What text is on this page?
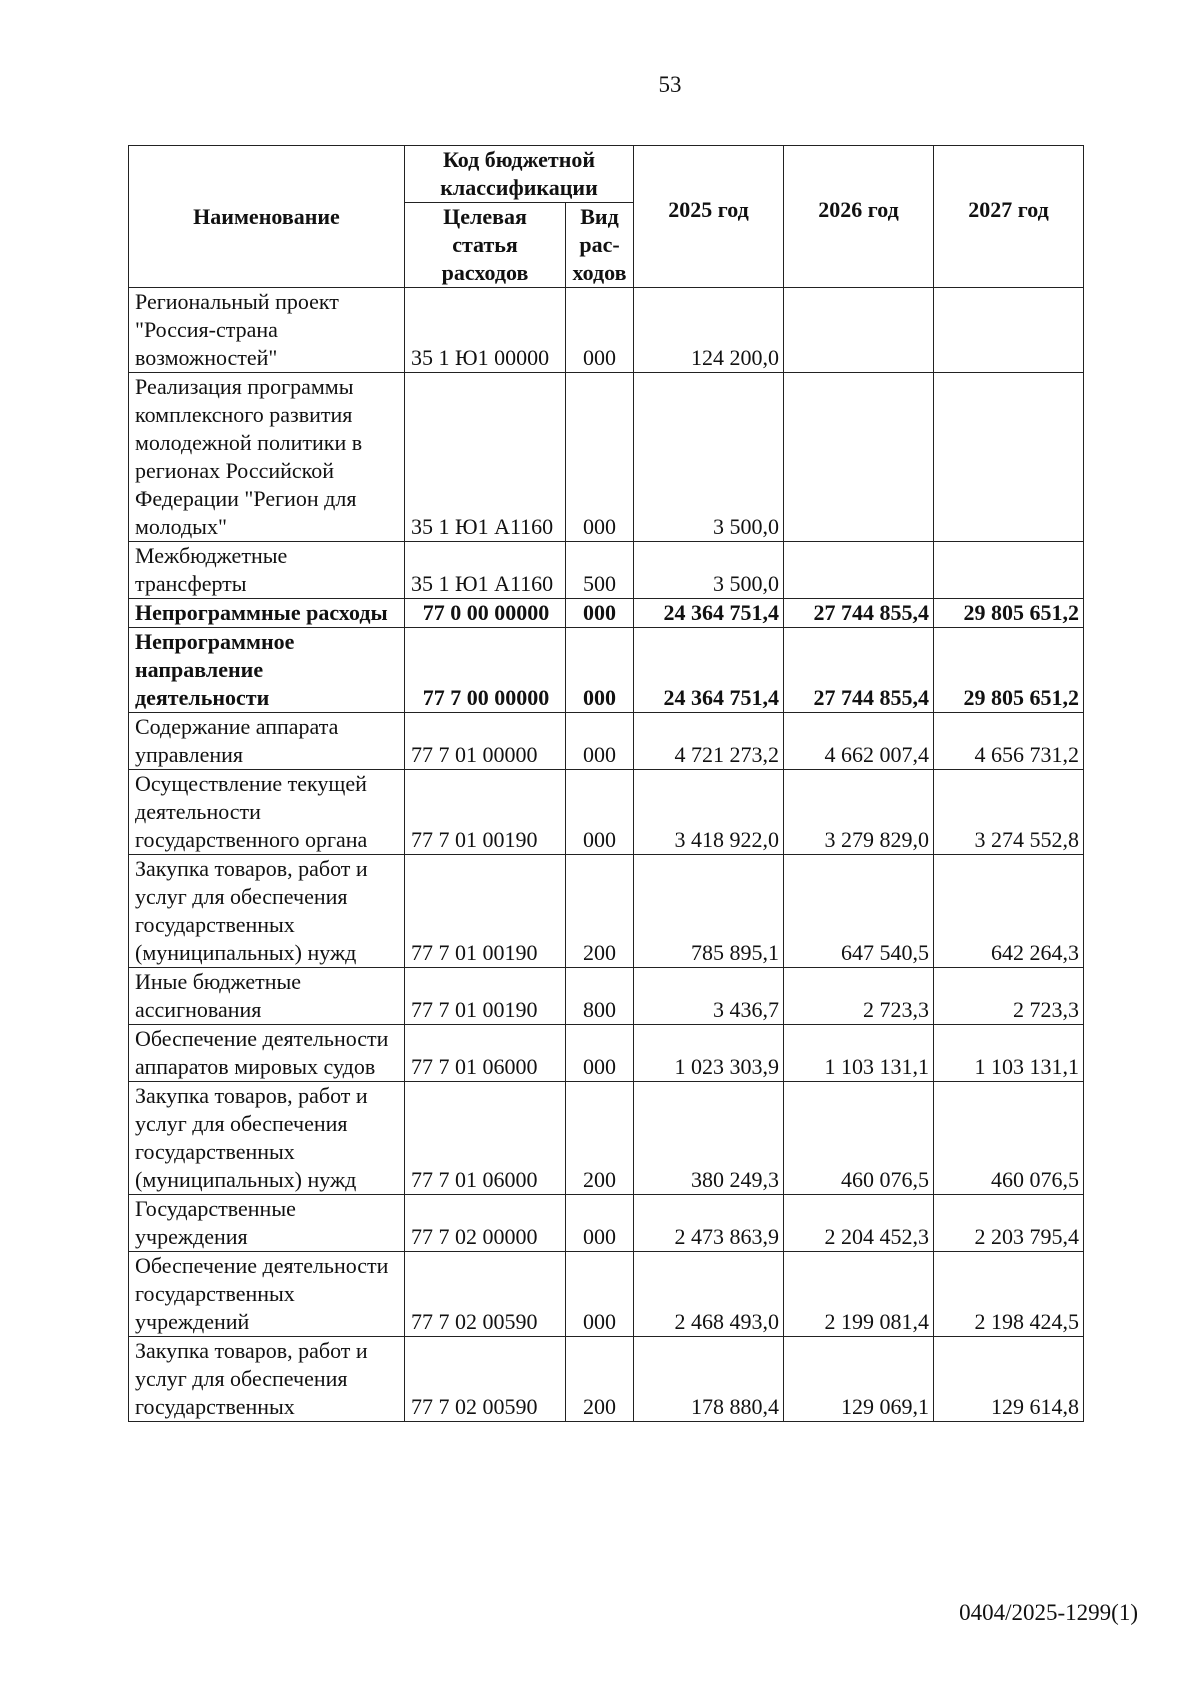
53
Наименование	Код бюджетной классификации		2025 год	2026 год	2027 год
	Целевая статья расходов	Вид рас-ходов			
Региональный проект "Россия-страна возможностей"	35 1 Ю1 00000	000	124 200,0		
Реализация программы комплексного развития молодежной политики в регионах Российской Федерации "Регион для молодых"	35 1 Ю1 А1160	000	3 500,0		
Межбюджетные трансферты	35 1 Ю1 А1160	500	3 500,0		
Непрограммные расходы	77 0 00 00000	000	24 364 751,4	27 744 855,4	29 805 651,2
Непрограммное направление деятельности	77 7 00 00000	000	24 364 751,4	27 744 855,4	29 805 651,2
Содержание аппарата управления	77 7 01 00000	000	4 721 273,2	4 662 007,4	4 656 731,2
Осуществление текущей деятельности государственного органа	77 7 01 00190	000	3 418 922,0	3 279 829,0	3 274 552,8
Закупка товаров, работ и услуг для обеспечения государственных (муниципальных) нужд	77 7 01 00190	200	785 895,1	647 540,5	642 264,3
Иные бюджетные ассигнования	77 7 01 00190	800	3 436,7	2 723,3	2 723,3
Обеспечение деятельности аппаратов мировых судов	77 7 01 06000	000	1 023 303,9	1 103 131,1	1 103 131,1
Закупка товаров, работ и услуг для обеспечения государственных (муниципальных) нужд	77 7 01 06000	200	380 249,3	460 076,5	460 076,5
Государственные учреждения	77 7 02 00000	000	2 473 863,9	2 204 452,3	2 203 795,4
Обеспечение деятельности государственных учреждений	77 7 02 00590	000	2 468 493,0	2 199 081,4	2 198 424,5
Закупка товаров, работ и услуг для обеспечения государственных	77 7 02 00590	200	178 880,4	129 069,1	129 614,8
0404/2025-1299(1)
